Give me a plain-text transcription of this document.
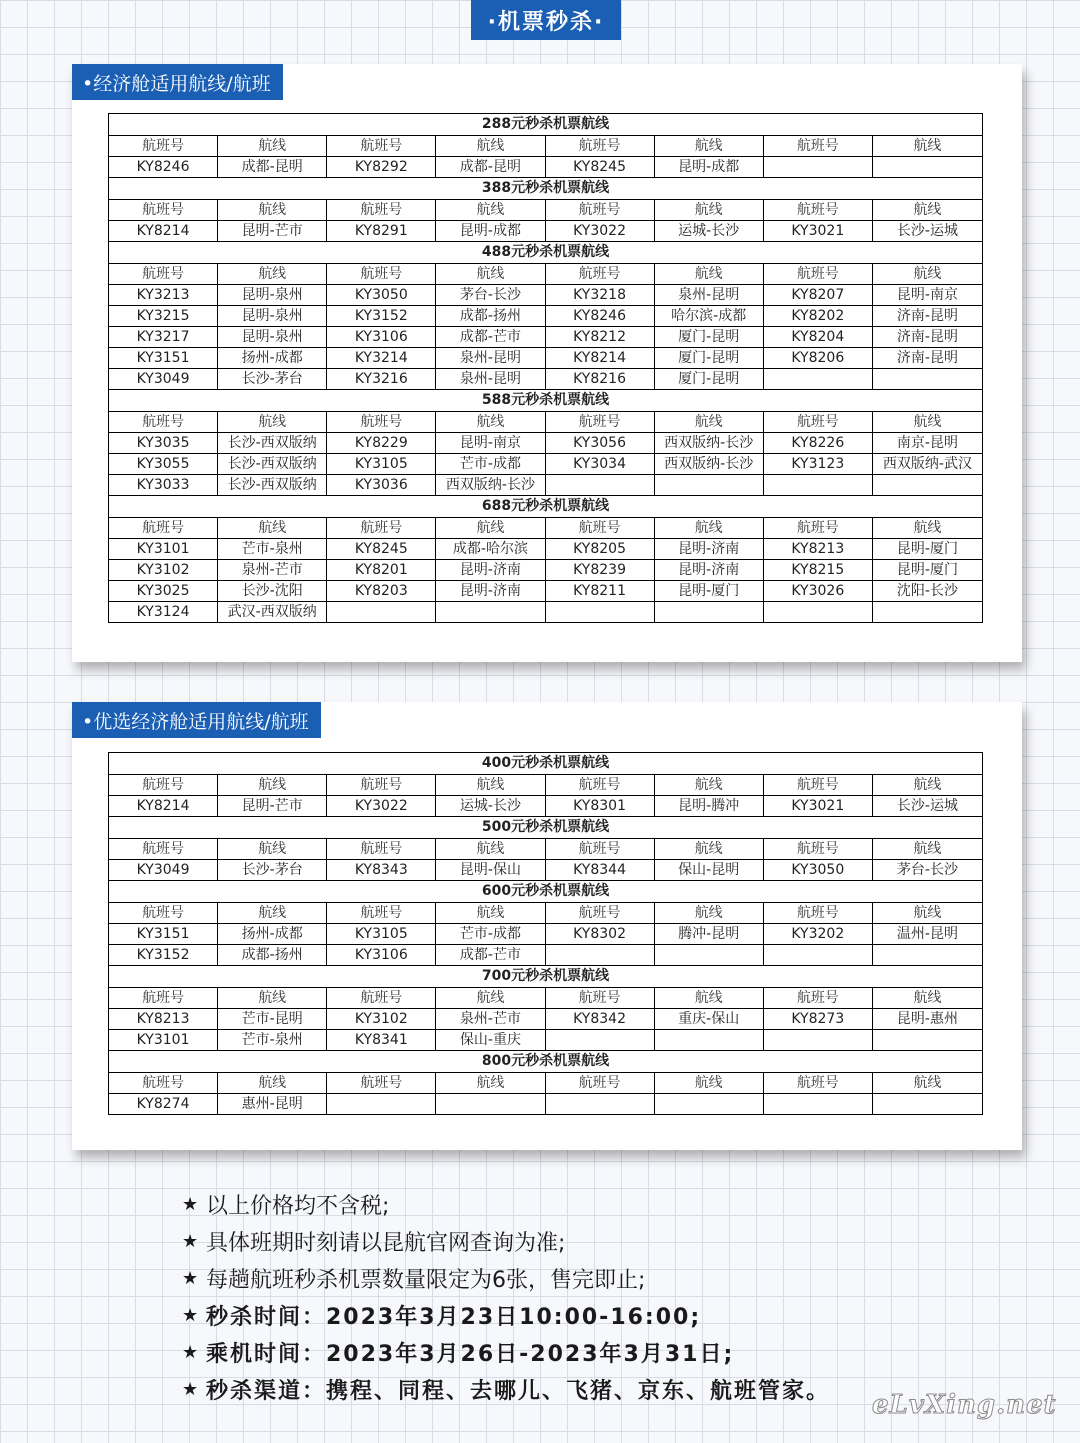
·机票秒杀·
•经济舱适用航线/航班
288元秒杀机票航线
航班号	航线	航班号	航线	航班号	航线	航班号	航线
KY8246	成都-昆明	KY8292	成都-昆明	KY8245	昆明-成都
388元秒杀机票航线
航班号	航线	航班号	航线	航班号	航线	航班号	航线
KY8214	昆明-芒市	KY8291	昆明-成都	KY3022	运城-长沙	KY3021	长沙-运城
488元秒杀机票航线
航班号	航线	航班号	航线	航班号	航线	航班号	航线
KY3213	昆明-泉州	KY3050	茅台-长沙	KY3218	泉州-昆明	KY8207	昆明-南京
KY3215	昆明-泉州	KY3152	成都-扬州	KY8246	哈尔滨-成都	KY8202	济南-昆明
KY3217	昆明-泉州	KY3106	成都-芒市	KY8212	厦门-昆明	KY8204	济南-昆明
KY3151	扬州-成都	KY3214	泉州-昆明	KY8214	厦门-昆明	KY8206	济南-昆明
KY3049	长沙-茅台	KY3216	泉州-昆明	KY8216	厦门-昆明
588元秒杀机票航线
航班号	航线	航班号	航线	航班号	航线	航班号	航线
KY3035	长沙-西双版纳	KY8229	昆明-南京	KY3056	西双版纳-长沙	KY8226	南京-昆明
KY3055	长沙-西双版纳	KY3105	芒市-成都	KY3034	西双版纳-长沙	KY3123	西双版纳-武汉
KY3033	长沙-西双版纳	KY3036	西双版纳-长沙
688元秒杀机票航线
航班号	航线	航班号	航线	航班号	航线	航班号	航线
KY3101	芒市-泉州	KY8245	成都-哈尔滨	KY8205	昆明-济南	KY8213	昆明-厦门
KY3102	泉州-芒市	KY8201	昆明-济南	KY8239	昆明-济南	KY8215	昆明-厦门
KY3025	长沙-沈阳	KY8203	昆明-济南	KY8211	昆明-厦门	KY3026	沈阳-长沙
KY3124	武汉-西双版纳
•优选经济舱适用航线/航班
400元秒杀机票航线
航班号	航线	航班号	航线	航班号	航线	航班号	航线
KY8214	昆明-芒市	KY3022	运城-长沙	KY8301	昆明-腾冲	KY3021	长沙-运城
500元秒杀机票航线
航班号	航线	航班号	航线	航班号	航线	航班号	航线
KY3049	长沙-茅台	KY8343	昆明-保山	KY8344	保山-昆明	KY3050	茅台-长沙
600元秒杀机票航线
航班号	航线	航班号	航线	航班号	航线	航班号	航线
KY3151	扬州-成都	KY3105	芒市-成都	KY8302	腾冲-昆明	KY3202	温州-昆明
KY3152	成都-扬州	KY3106	成都-芒市
700元秒杀机票航线
航班号	航线	航班号	航线	航班号	航线	航班号	航线
KY8213	芒市-昆明	KY3102	泉州-芒市	KY8342	重庆-保山	KY8273	昆明-惠州
KY3101	芒市-泉州	KY8341	保山-重庆
800元秒杀机票航线
航班号	航线	航班号	航线	航班号	航线	航班号	航线
KY8274	惠州-昆明
★ 以上价格均不含税;
★ 具体班期时刻请以昆航官网查询为准;
★ 每趟航班秒杀机票数量限定为6张，售完即止;
★ 秒杀时间：2023年3月23日10:00-16:00;
★ 乘机时间：2023年3月26日-2023年3月31日;
★ 秒杀渠道：携程、同程、去哪儿、飞猪、京东、航班管家。 eLvXing.net
